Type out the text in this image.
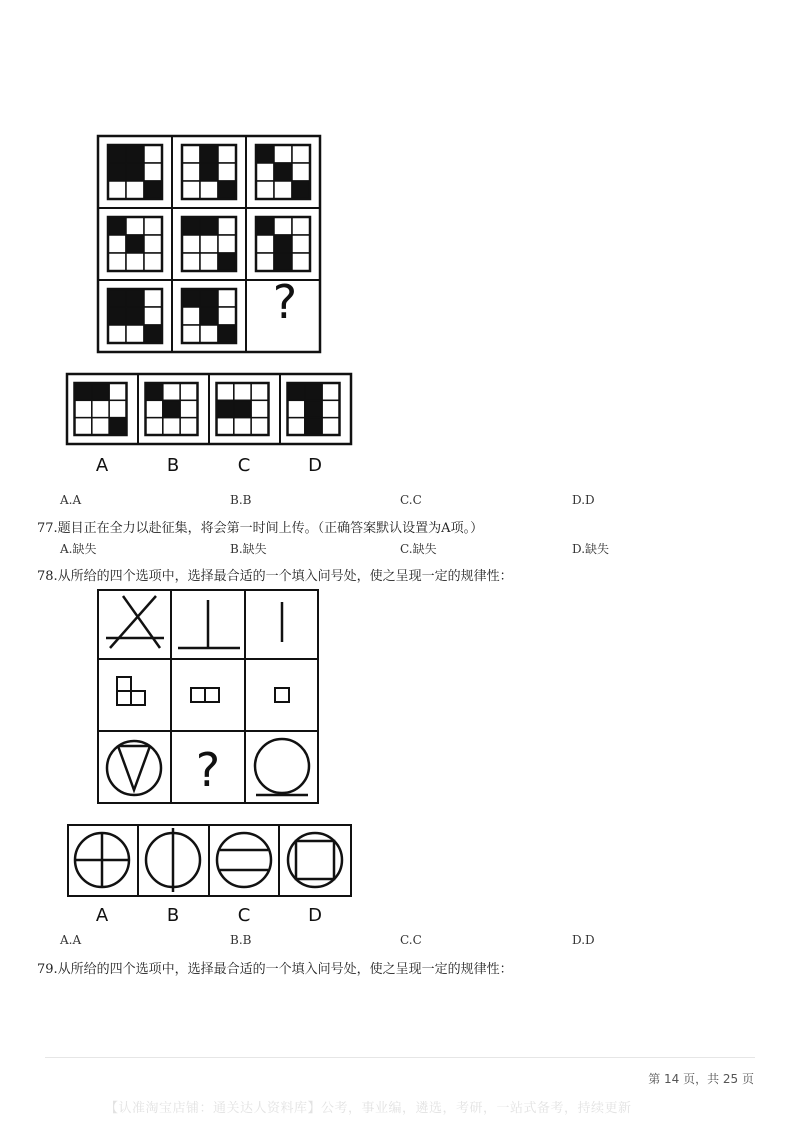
?
A	B	C	D
A.A	B.B	C.C	D.D
77.题目正在全力以赴征集，将会第一时间上传。（正确答案默认设置为A项。）
A.缺失	B.缺失	C.缺失	D.缺失
78.从所给的四个选项中，选择最合适的一个填入问号处，使之呈现一定的规律性：
?
A	B	C	D
A.A	B.B	C.C	D.D
79.从所给的四个选项中，选择最合适的一个填入问号处，使之呈现一定的规律性：
第 14 页，共 25 页
【认准淘宝店铺：通关达人资料库】公考，事业编，遴选，考研，一站式备考，持续更新
